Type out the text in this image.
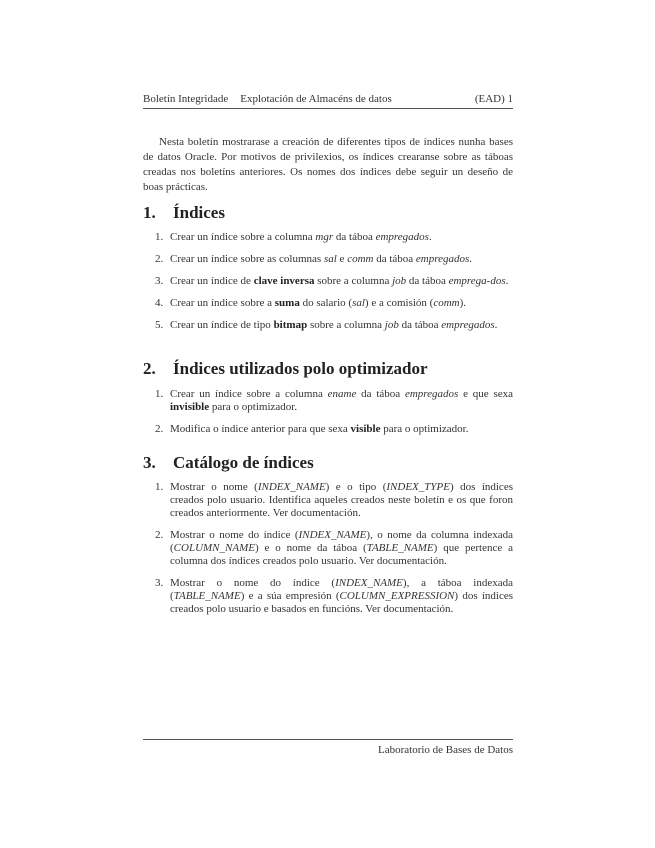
Boletín Integridade Explotación de Almacéns de datos	(EAD) 1

Nesta boletín mostrarase a creación de diferentes tipos de índices nunha bases de datos Oracle. Por motivos de privilexios, os índices crearanse sobre as táboas creadas nos boletíns anteriores. Os nomes dos índices debe seguir un deseño de boas prácticas.

1. Índices
1. Crear un índice sobre a columna mgr da táboa empregados.
2. Crear un índice sobre as columnas sal e comm da táboa empregados.
3. Crear un índice de clave inversa sobre a columna job da táboa emprega-dos.
4. Crear un índice sobre a suma do salario (sal) e a comisión (comm).
5. Crear un índice de tipo bitmap sobre a columna job da táboa empregados.
2. Índices utilizados polo optimizador
1. Crear un índice sobre a columna ename da táboa empregados e que sexa invisible para o optimizador.
2. Modifica o índice anterior para que sexa visible para o optimizador.
3. Catálogo de índices
1. Mostrar o nome (INDEX_NAME) e o tipo (INDEX_TYPE) dos índices creados polo usuario. Identifica aqueles creados neste boletín e os que foron creados anteriormente. Ver documentación.
2. Mostrar o nome do índice (INDEX_NAME), o nome da columna indexada (COLUMN_NAME) e o nome da táboa (TABLE_NAME) que pertence a columna dos índices creados polo usuario. Ver documentación.
3. Mostrar o nome do índice (INDEX_NAME), a táboa indexada (TABLE_NAME) e a súa empresión (COLUMN_EXPRESSION) dos índices creados polo usuario e basados en funcións. Ver documentación.
Laboratorio de Bases de Datos
